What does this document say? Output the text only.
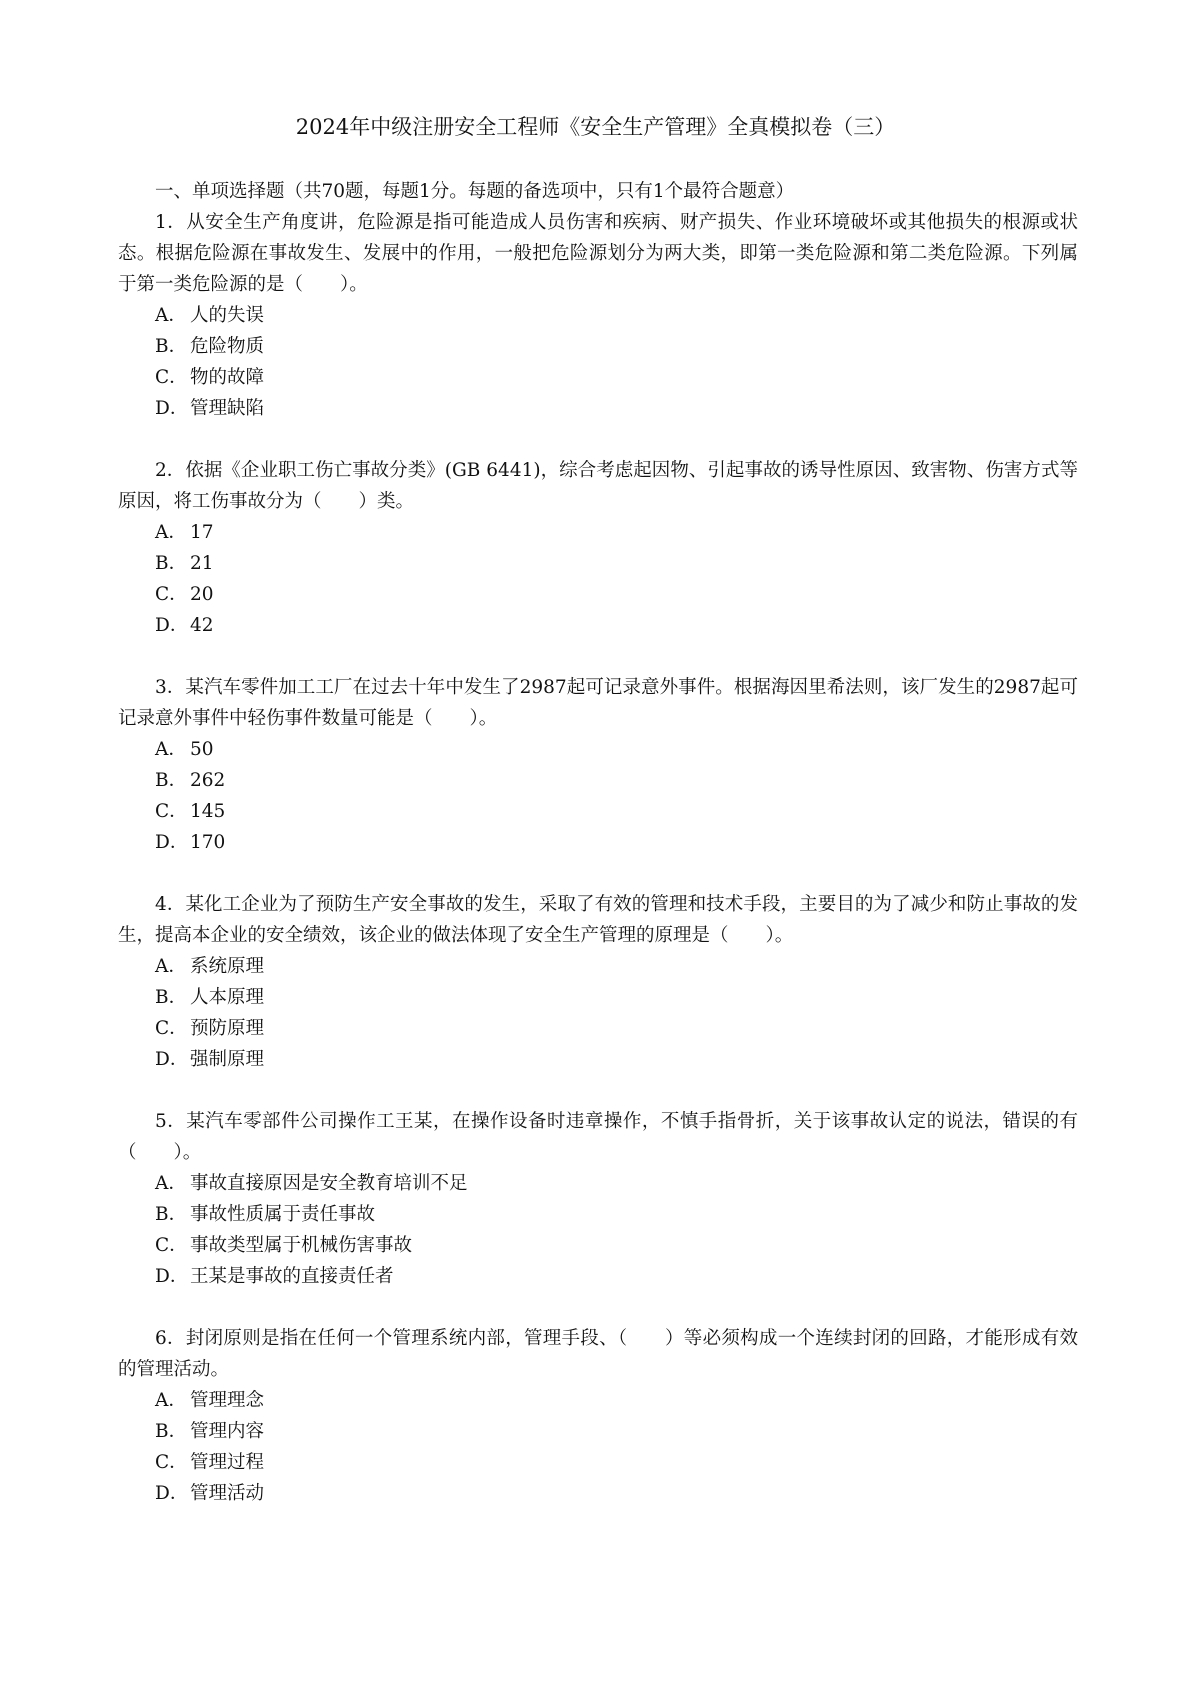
2024年中级注册安全工程师《安全生产管理》全真模拟卷（三）
一、单项选择题（共70题，每题1分。每题的备选项中，只有1个最符合题意）
1．从安全生产角度讲，危险源是指可能造成人员伤害和疾病、财产损失、作业环境破坏或其他损失的根源或状态。根据危险源在事故发生、发展中的作用，一般把危险源划分为两大类，即第一类危险源和第二类危险源。下列属于第一类危险源的是（　　）。
A． 人的失误
B． 危险物质
C． 物的故障
D．管理缺陷
2．依据《企业职工伤亡事故分类》(GB 6441)，综合考虑起因物、引起事故的诱导性原因、致害物、伤害方式等原因，将工伤事故分为（　　）类。
A． 17
B． 21
C． 20
D．42
3．某汽车零件加工工厂在过去十年中发生了2987起可记录意外事件。根据海因里希法则，该厂发生的2987起可记录意外事件中轻伤事件数量可能是（　　）。
A． 50
B． 262
C． 145
D．170
4．某化工企业为了预防生产安全事故的发生，采取了有效的管理和技术手段，主要目的为了减少和防止事故的发生，提高本企业的安全绩效，该企业的做法体现了安全生产管理的原理是（　　）。
A． 系统原理
B． 人本原理
C． 预防原理
D．强制原理
5．某汽车零部件公司操作工王某，在操作设备时违章操作，不慎手指骨折，关于该事故认定的说法，错误的有（　　）。
A． 事故直接原因是安全教育培训不足
B． 事故性质属于责任事故
C． 事故类型属于机械伤害事故
D．王某是事故的直接责任者
6．封闭原则是指在任何一个管理系统内部，管理手段、（　　）等必须构成一个连续封闭的回路，才能形成有效的管理活动。
A． 管理理念
B． 管理内容
C． 管理过程
D．管理活动
